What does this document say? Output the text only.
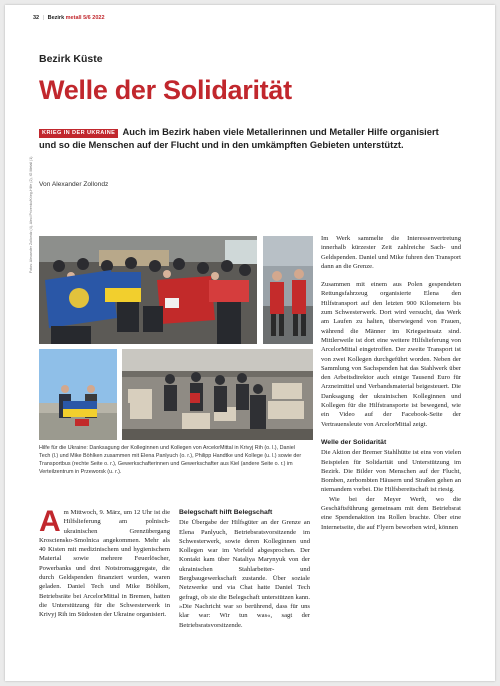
32 | Bezirk metall 5/6 2022
Bezirk Küste
Welle der Solidarität
KRIEG IN DER UKRAINE Auch im Bezirk haben viele Metallerinnen und Metaller Hilfe organisiert und so die Menschen auf der Flucht und in den umkämpften Gebieten unterstützt.
Von Alexander Zollondz
Fotos: Alexander Zollondz (4), Alexi Privenko/Krieg-Hilfe (2), IG Metall (1)
Hilfe für die Ukraine: Danksagung der Kolleginnen und Kollegen von ArcelorMittal in Krivyj Rih (o. l.), Daniel Tech (l.) und Mike Böhlken zusammen mit Elena Panlyuch (o. r.), Philipp Handtke und Kollege (u. l.) sowie der Transportbus (rechte Seite o. r.), Gewerkschafterinnen und Gewerkschafter aus Kiel (andere Seite o. r.) im Verteilzentrum in Przeworsk (u. r.).
Am Mittwoch, 9. März, um 12 Uhr ist die Hilfslieferung am polnisch-ukrainischen Grenzübergang Krosciensko-Smolnica angekommen. Mehr als 40 Kisten mit medizinischem und hygienischem Material sowie mehrere Feuerlöscher, Powerbanks und drei Notstromaggregate, die durch Geldspenden finanziert wurden, waren geladen. Daniel Tech und Mike Böhlken, Betriebsräte bei ArcelorMittal in Bremen, hatten die Unterstützung für die Schwesterwerk in Krivyj Rih im Südosten der Ukraine organisiert.
Belegschaft hilft Belegschaft
Die Übergabe der Hilfsgüter an der Grenze an Elena Panlyuch, Betriebsratsvorsitzende im Schwesterwerk, sowie deren Kolleginnen und Kollegen war im Vorfeld abgesprochen. Der Kontakt kam über Nataliya Marynyuk von der ukrainischen Stahlarbeiter- und Bergbaugewerkschaft zustande. Über soziale Netzwerke und via Chat hatte Daniel Tech gefragt, ob sie die Belegschaft unterstützen kann. »Die Nachricht war so berührend, dass für uns klar war: Wir tun was«, sagt der Betriebsratsvorsitzende.

Im Werk sammelte die Interessenvertretung innerhalb kürzester Zeit zahlreiche Sach- und Geldspenden. Daniel und Mike fuhren den Transport dann an die Grenze.

Zusammen mit einem aus Polen gespendeten Rettungsfahrzeug organisierte Elena den Hilfstransport auf den letzten 900 Kilometern bis zum Schwesterwerk. Dort wird versucht, das Werk am Laufen zu halten, überwiegend von Frauen, während die Männer im Kriegseinsatz sind. Mittlerweile ist dort eine weitere Hilfslieferung von ArcelorMittal eingetroffen. Der zweite Transport ist von zwei Kollegen durchgeführt worden. Neben der Sammlung von Sachspenden hat das Stahlwerk über den Arbeitsdirektor auch einige Tausend Euro für Arzneimittel und Verbandsmaterial beigesteuert. Die Danksagung der ukrainischen Kolleginnen und Kollegen für die Hilfstransporte ist bewegend, wie ein Video auf der Facebook-Seite der Vertrauensleute von ArcelorMittal zeigt.

Welle der Solidarität
Die Aktion der Bremer Stahlhütte ist eins von vielen Beispielen für Solidarität und Unterstützung im Bezirk. Die Bilder von Menschen auf der Flucht, Bomben, zerbombten Häusern und Straßen gehen an niemandem vorbei. Die Hilfsbereitschaft ist riesig.

Wie bei der Meyer Werft, wo die Geschäftsführung gemeinsam mit dem Betriebsrat eine Spendenaktion ins Rollen brachte. Über eine Internetseite, die auf Flyern beworben wird, können
